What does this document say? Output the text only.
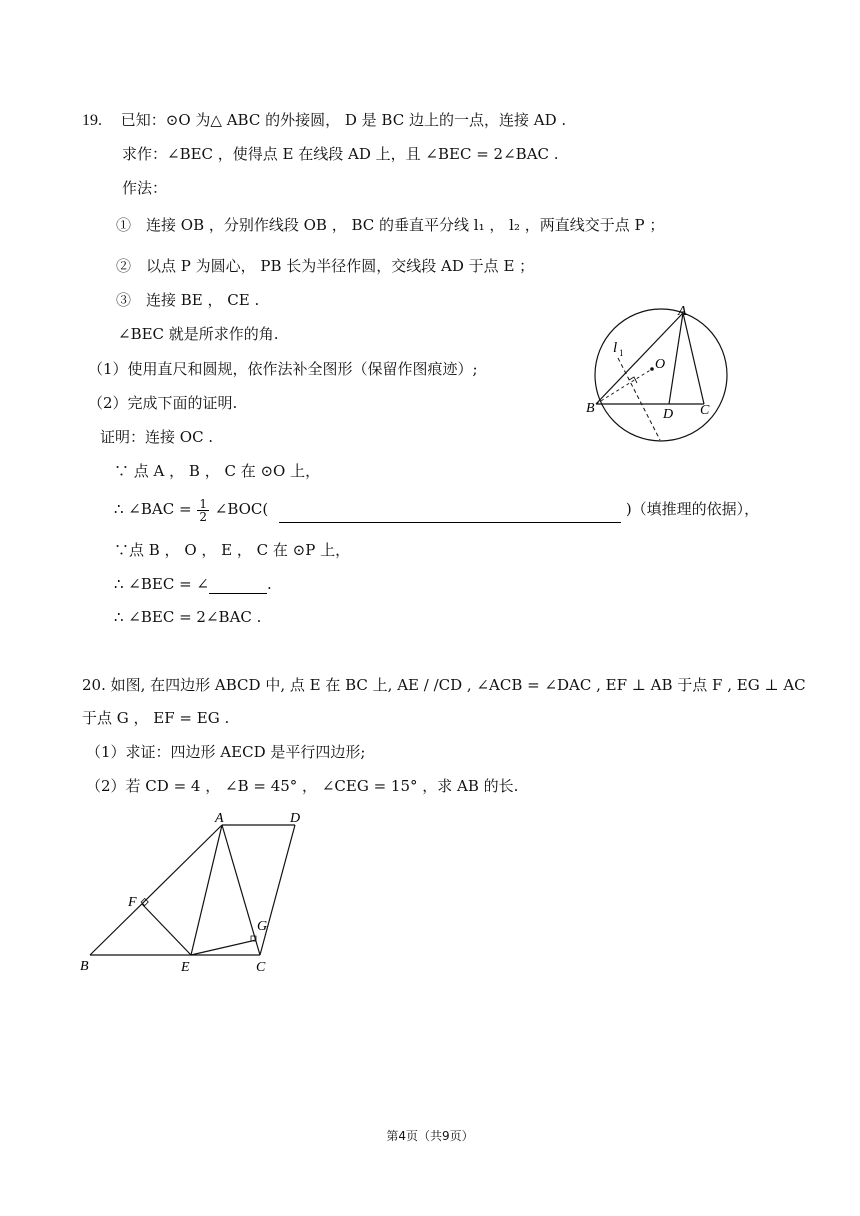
19. 已知：⊙O 为△ ABC 的外接圆， D 是 BC 边上的一点，连接 AD .
求作：∠BEC ，使得点 E 在线段 AD 上，且 ∠BEC = 2∠BAC .
作法：
①　连接 OB ，分别作线段 OB ， BC 的垂直平分线 l₁ ， l₂ ，两直线交于点 P ；
②　以点 P 为圆心， PB 长为半径作圆，交线段 AD 于点 E ；
③　连接 BE ， CE .
∠BEC 就是所求作的角.
（1）使用直尺和圆规，依作法补全图形（保留作图痕迹）;
（2）完成下面的证明.
证明：连接 OC .
∵ 点 A ， B ， C 在 ⊙O 上，
∴ ∠BAC = $\frac{1}{2}$ ∠BOC(	)（填推理的依据），
∵点 B ， O ， E ， C 在 ⊙P 上，
∴ ∠BEC = ∠	.
∴ ∠BEC = 2∠BAC .
A
B	C
D
O
l 1
20. 如图, 在四边形 ABCD 中, 点 E 在 BC 上, AE / /CD , ∠ACB = ∠DAC , EF ⊥ AB 于点 F , EG ⊥ AC
于点 G ， EF = EG .
（1）求证：四边形 AECD 是平行四边形;
（2）若 CD = 4 ， ∠B = 45° ， ∠CEG = 15° ，求 AB 的长.
A	D
B	E	C
F
G
第4页（共9页）
